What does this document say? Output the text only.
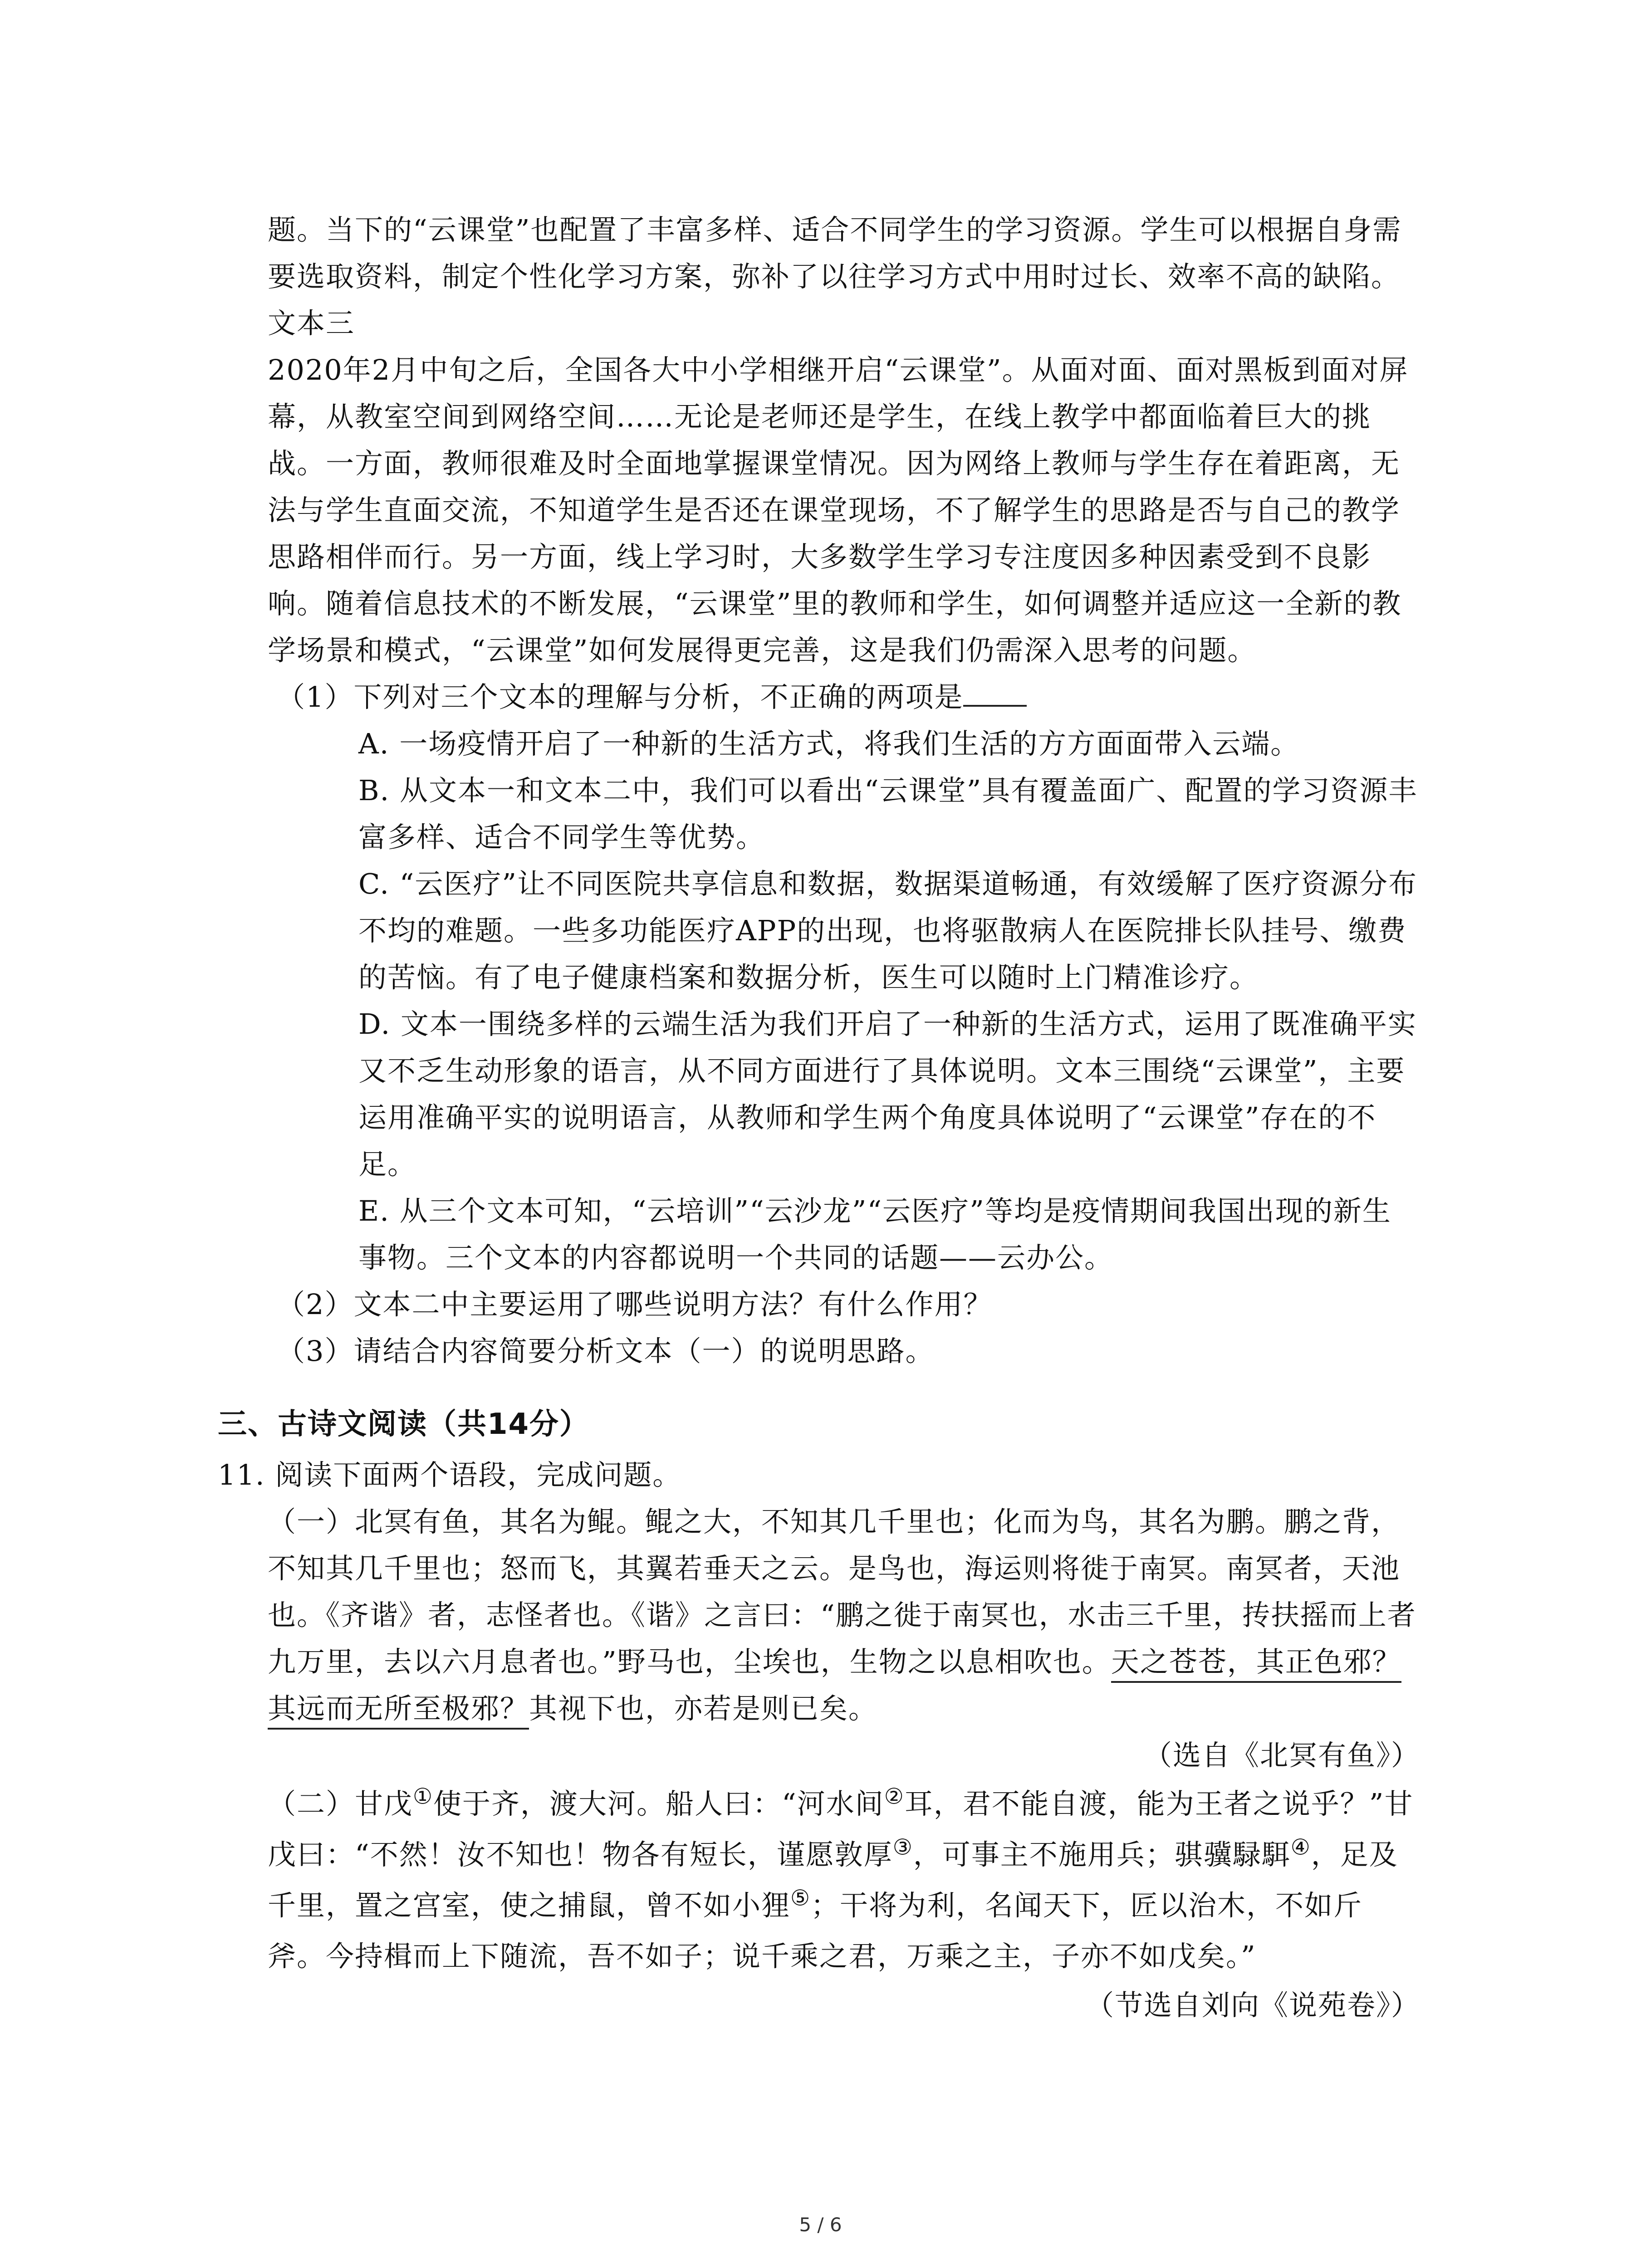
题。当下的“云课堂”也配置了丰富多样、适合不同学生的学习资源。学生可以根据自身需要选取资料，制定个性化学习方案，弥补了以往学习方式中用时过长、效率不高的缺陷。

文本三

2020年2月中旬之后，全国各大中小学相继开启“云课堂”。从面对面、面对黑板到面对屏幕，从教室空间到网络空间……无论是老师还是学生，在线上教学中都面临着巨大的挑战。一方面，教师很难及时全面地掌握课堂情况。因为网络上教师与学生存在着距离，无法与学生直面交流，不知道学生是否还在课堂现场，不了解学生的思路是否与自己的教学思路相伴而行。另一方面，线上学习时，大多数学生学习专注度因多种因素受到不良影响。随着信息技术的不断发展，“云课堂”里的教师和学生，如何调整并适应这一全新的教学场景和模式，“云课堂”如何发展得更完善，这是我们仍需深入思考的问题。

（1）下列对三个文本的理解与分析，不正确的两项是

A. 一场疫情开启了一种新的生活方式，将我们生活的方方面面带入云端。

B. 从文本一和文本二中，我们可以看出“云课堂”具有覆盖面广、配置的学习资源丰富多样、适合不同学生等优势。

C. “云医疗”让不同医院共享信息和数据，数据渠道畅通，有效缓解了医疗资源分布不均的难题。一些多功能医疗APP的出现，也将驱散病人在医院排长队挂号、缴费的苦恼。有了电子健康档案和数据分析，医生可以随时上门精准诊疗。

D. 文本一围绕多样的云端生活为我们开启了一种新的生活方式，运用了既准确平实又不乏生动形象的语言，从不同方面进行了具体说明。文本三围绕“云课堂”，主要运用准确平实的说明语言，从教师和学生两个角度具体说明了“云课堂”存在的不足。

E. 从三个文本可知，“云培训”“云沙龙”“云医疗”等均是疫情期间我国出现的新生事物。三个文本的内容都说明一个共同的话题——云办公。

（2）文本二中主要运用了哪些说明方法？有什么作用？

（3）请结合内容简要分析文本（一）的说明思路。

三、古诗文阅读（共14分）

11. 阅读下面两个语段，完成问题。

（一）北冥有鱼，其名为鲲。鲲之大，不知其几千里也；化而为鸟，其名为鹏。鹏之背，不知其几千里也；怒而飞，其翼若垂天之云。是鸟也，海运则将徙于南冥。南冥者，天池也。《齐谐》者，志怪者也。《谐》之言曰：“鹏之徙于南冥也，水击三千里，抟扶摇而上者九万里，去以六月息者也。”野马也，尘埃也，生物之以息相吹也。天之苍苍，其正色邪？其远而无所至极邪？其视下也，亦若是则已矣。

（选自《北冥有鱼》）

（二）甘戊①使于齐，渡大河。船人曰：“河水间②耳，君不能自渡，能为王者之说乎？”甘戊曰：“不然！汝不知也！物各有短长，谨愿敦厚③，可事主不施用兵；骐骥騄駬④，足及千里，置之宫室，使之捕鼠，曾不如小狸⑤；干将为利，名闻天下，匠以治木，不如斤斧。今持楫而上下随流，吾不如子；说千乘之君，万乘之主，子亦不如戊矣。”

（节选自刘向《说苑卷》）

5 / 6
